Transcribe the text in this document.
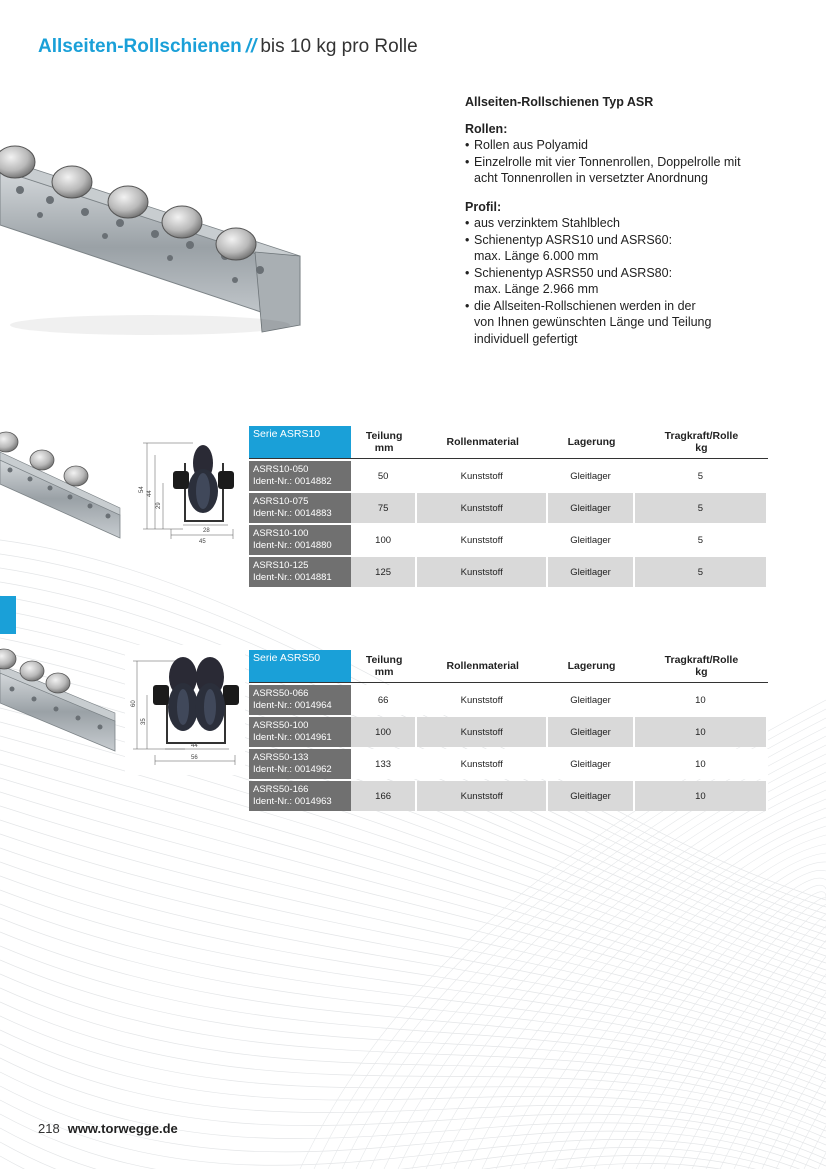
Allseiten-Rollschienen // bis 10 kg pro Rolle
Allseiten-Rollschienen Typ ASR
Rollen:
• Rollen aus Polyamid
• Einzelrolle mit vier Tonnenrollen, Doppelrolle mit
acht Tonnenrollen in versetzter Anordnung
Profil:
• aus verzinktem Stahlblech
• Schienentyp ASRS10 und ASRS60:
max. Länge 6.000 mm
• Schienentyp ASRS50 und ASRS80:
max. Länge 2.966 mm
• die Allseiten-Rollschienen werden in der
von Ihnen gewünschten Länge und Teilung
individuell gefertigt
54
44
29
28
45
60
35
44
56
Serie ASRS10	Teilung
mm	Rollenmaterial	Lagerung	Tragkraft/Rolle
kg

ASRS10-050
Ident-Nr.: 0014882	50	Kunststoff	Gleitlager	5

ASRS10-075
Ident-Nr.: 0014883	75	Kunststoff	Gleitlager	5

ASRS10-100
Ident-Nr.: 0014880	100	Kunststoff	Gleitlager	5

ASRS10-125
Ident-Nr.: 0014881	125	Kunststoff	Gleitlager	5
Serie ASRS50	Teilung
mm	Rollenmaterial	Lagerung	Tragkraft/Rolle
kg

ASRS50-066
Ident-Nr.: 0014964	66	Kunststoff	Gleitlager	10

ASRS50-100
Ident-Nr.: 0014961	100	Kunststoff	Gleitlager	10

ASRS50-133
Ident-Nr.: 0014962	133	Kunststoff	Gleitlager	10

ASRS50-166
Ident-Nr.: 0014963	166	Kunststoff	Gleitlager	10
218 www.torwegge.de
